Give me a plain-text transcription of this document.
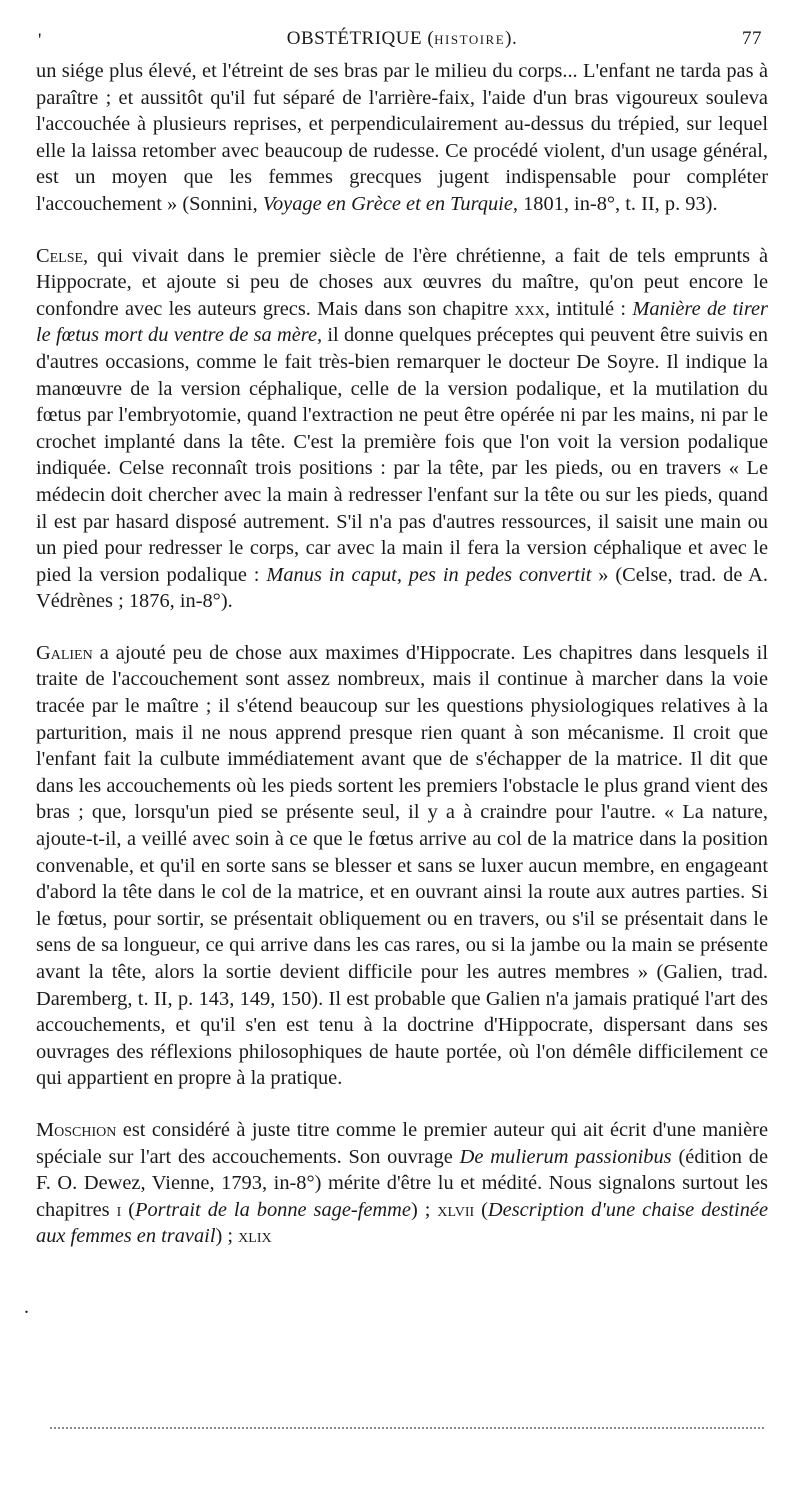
'	OBSTÉTRIQUE (HISTOIRE).	77

un siége plus élevé, et l'étreint de ses bras par le milieu du corps... L'enfant ne tarda pas à paraître ; et aussitôt qu'il fut séparé de l'arrière-faix, l'aide d'un bras vigoureux souleva l'accouchée à plusieurs reprises, et perpendiculairement au-dessus du trépied, sur lequel elle la laissa retomber avec beaucoup de rudesse. Ce procédé violent, d'un usage général, est un moyen que les femmes grecques jugent indispensable pour compléter l'accouchement » (Sonnini, Voyage en Grèce et en Turquie, 1801, in-8°, t. II, p. 93).

Celse, qui vivait dans le premier siècle de l'ère chrétienne, a fait de tels emprunts à Hippocrate, et ajoute si peu de choses aux œuvres du maître, qu'on peut encore le confondre avec les auteurs grecs. Mais dans son chapitre xxx, intitulé : Manière de tirer le fœtus mort du ventre de sa mère, il donne quelques préceptes qui peuvent être suivis en d'autres occasions, comme le fait très-bien remarquer le docteur De Soyre. Il indique la manœuvre de la version céphalique, celle de la version podalique, et la mutilation du fœtus par l'embryotomie, quand l'extraction ne peut être opérée ni par les mains, ni par le crochet implanté dans la tête. C'est la première fois que l'on voit la version podalique indiquée. Celse reconnaît trois positions : par la tête, par les pieds, ou en travers « Le médecin doit chercher avec la main à redresser l'enfant sur la tête ou sur les pieds, quand il est par hasard disposé autrement. S'il n'a pas d'autres ressources, il saisit une main ou un pied pour redresser le corps, car avec la main il fera la version céphalique et avec le pied la version podalique : Manus in caput, pes in pedes convertit » (Celse, trad. de A. Védrènes ; 1876, in-8°).

Galien a ajouté peu de chose aux maximes d'Hippocrate. Les chapitres dans lesquels il traite de l'accouchement sont assez nombreux, mais il continue à marcher dans la voie tracée par le maître ; il s'étend beaucoup sur les questions physiologiques relatives à la parturition, mais il ne nous apprend presque rien quant à son mécanisme. Il croit que l'enfant fait la culbute immédiatement avant que de s'échapper de la matrice. Il dit que dans les accouchements où les pieds sortent les premiers l'obstacle le plus grand vient des bras ; que, lorsqu'un pied se présente seul, il y a à craindre pour l'autre. « La nature, ajoute-t-il, a veillé avec soin à ce que le fœtus arrive au col de la matrice dans la position convenable, et qu'il en sorte sans se blesser et sans se luxer aucun membre, en engageant d'abord la tête dans le col de la matrice, et en ouvrant ainsi la route aux autres parties. Si le fœtus, pour sortir, se présentait obliquement ou en travers, ou s'il se présentait dans le sens de sa longueur, ce qui arrive dans les cas rares, ou si la jambe ou la main se présente avant la tête, alors la sortie devient difficile pour les autres membres » (Galien, trad. Daremberg, t. II, p. 143, 149, 150). Il est probable que Galien n'a jamais pratiqué l'art des accouchements, et qu'il s'en est tenu à la doctrine d'Hippocrate, dispersant dans ses ouvrages des réflexions philosophiques de haute portée, où l'on démêle difficilement ce qui appartient en propre à la pratique.

Moschion est considéré à juste titre comme le premier auteur qui ait écrit d'une manière spéciale sur l'art des accouchements. Son ouvrage De mulierum passionibus (édition de F. O. Dewez, Vienne, 1793, in-8°) mérite d'être lu et médité. Nous signalons surtout les chapitres i (Portrait de la bonne sage-femme) ; xlvii (Description d'une chaise destinée aux femmes en travail) ; xlix

.
